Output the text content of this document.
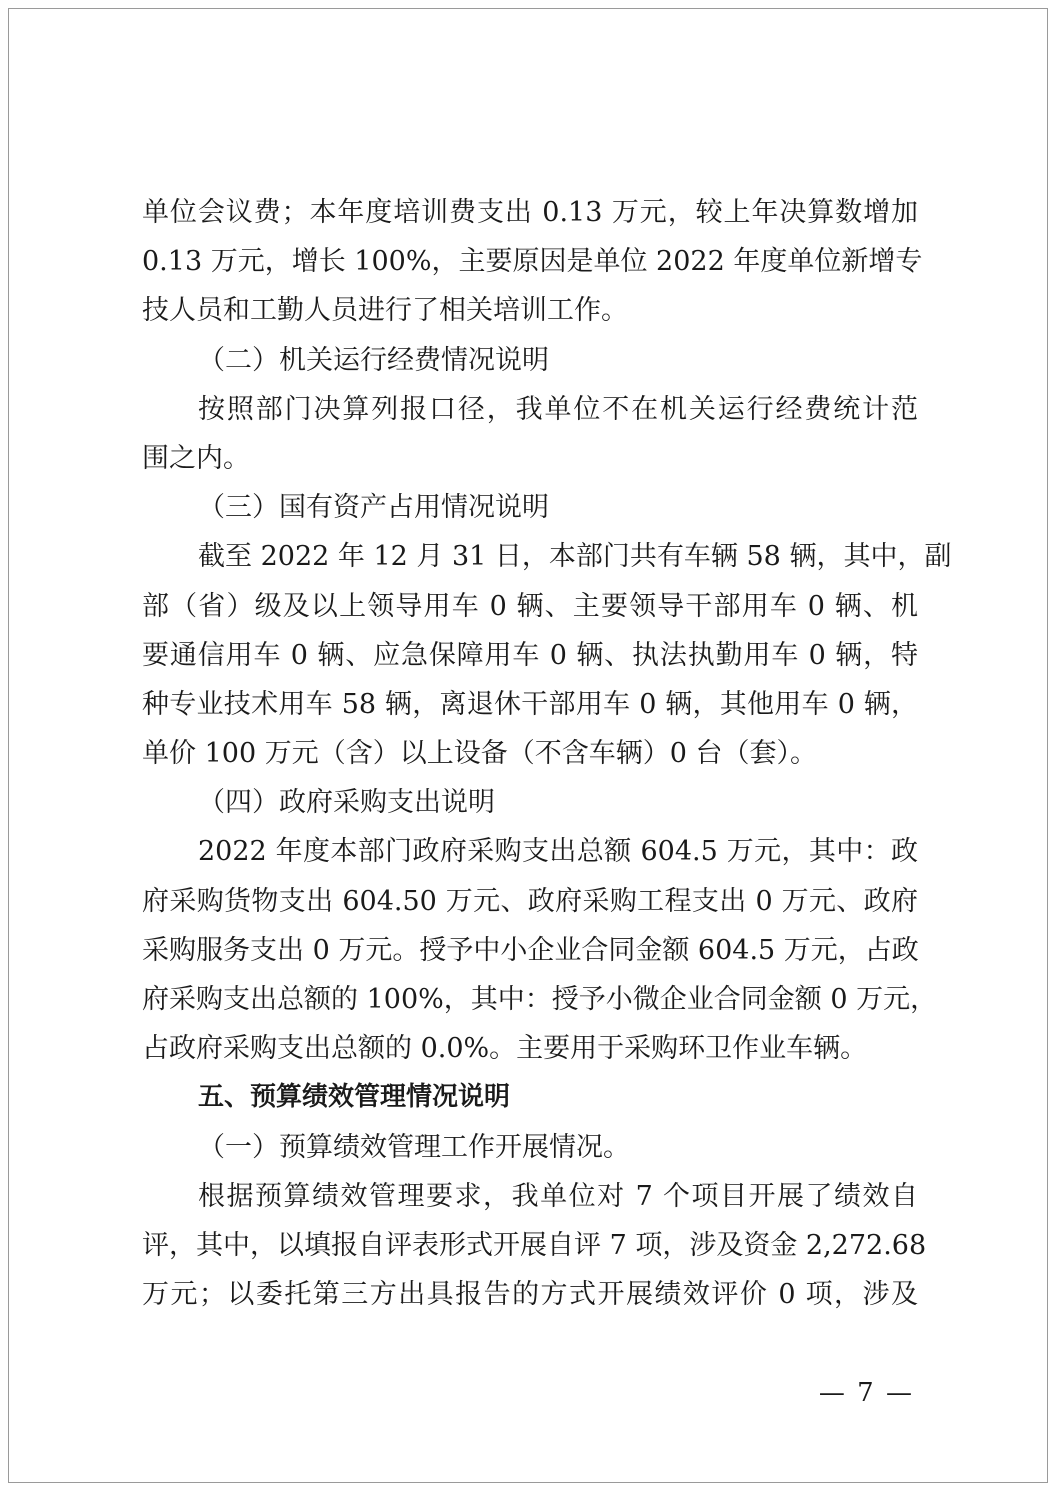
单位会议费；本年度培训费支出 0.13 万元，较上年决算数增加
0.13 万元，增长 100%，主要原因是单位 2022 年度单位新增专
技人员和工勤人员进行了相关培训工作。
（二）机关运行经费情况说明
按照部门决算列报口径，我单位不在机关运行经费统计范
围之内。
（三）国有资产占用情况说明
截至 2022 年 12 月 31 日，本部门共有车辆 58 辆，其中，副
部（省）级及以上领导用车 0 辆、主要领导干部用车 0 辆、机
要通信用车 0 辆、应急保障用车 0 辆、执法执勤用车 0 辆，特
种专业技术用车 58 辆，离退休干部用车 0 辆，其他用车 0 辆，
单价 100 万元（含）以上设备（不含车辆）0 台（套）。
（四）政府采购支出说明
2022 年度本部门政府采购支出总额 604.5 万元，其中：政
府采购货物支出 604.50 万元、政府采购工程支出 0 万元、政府
采购服务支出 0 万元。授予中小企业合同金额 604.5 万元，占政
府采购支出总额的 100%，其中：授予小微企业合同金额 0 万元，
占政府采购支出总额的 0.0%。主要用于采购环卫作业车辆。
五、预算绩效管理情况说明
（一）预算绩效管理工作开展情况。
根据预算绩效管理要求，我单位对 7 个项目开展了绩效自
评，其中，以填报自评表形式开展自评 7 项，涉及资金 2,272.68
万元；以委托第三方出具报告的方式开展绩效评价 0 项，涉及
— 7 —
